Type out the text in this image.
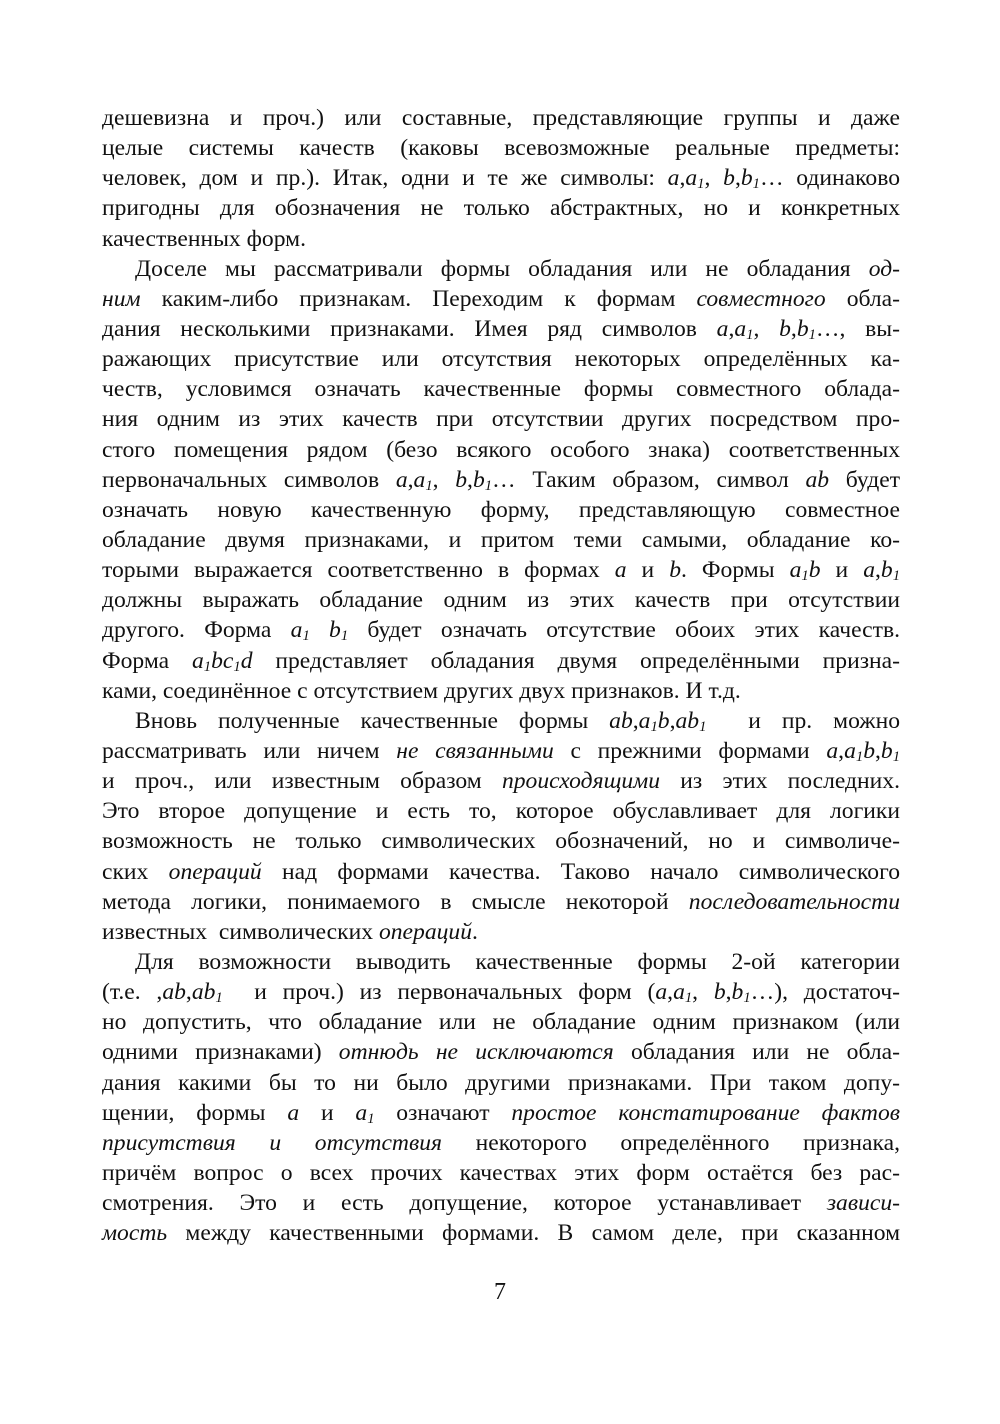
дешевизна и проч.) или составные, представляющие группы и даже
целые системы качеств (каковы всевозможные реальные предметы:
человек, дом и пр.). Итак, одни и те же символы: $a,a_1$, $b,b_1\dots$ одинаково
пригодны для обозначения не только абстрактных, но и конкретных
качественных форм.
Доселе мы рассматривали формы обладания или не обладания од-
ним каким-либо признакам. Переходим к формам совместного обла-
дания несколькими признаками. Имея ряд символов $a,a_1$, $b,b_1\dots$, вы-
ражающих присутствие или отсутствия некоторых определённых ка-
честв, условимся означать качественные формы совместного облада-
ния одним из этих качеств при отсутствии других посредством про-
стого помещения рядом (безо всякого особого знака) соответственных
первоначальных символов $a,a_1$, $b,b_1\dots$ Таким образом, символ ab будет
означать новую качественную форму, представляющую совместное
обладание двумя признаками, и притом теми самыми, обладание ко-
торыми выражается соответственно в формах a и b. Формы $a_1b$ и $a,b_1$
должны выражать обладание одним из этих качеств при отсутствии
другого. Форма $a_1$ $b_1$ будет означать отсутствие обоих этих качеств.
Форма $a_1bc_1d$ представляет обладания двумя определёнными призна-
ками, соединённое с отсутствием других двух признаков. И т.д.
Вновь полученные качественные формы $ab,a_1b,ab_1$  и пр. можно
рассматривать или ничем не связанными с прежними формами $a,a_1b,b_1$
и проч., или известным образом происходящими из этих последних.
Это второе допущение и есть то, которое обуславливает для логики
возможность не только символических обозначений, но и символиче-
ских операций над формами качества. Таково начало символического
метода логики, понимаемого в смысле некоторой последовательности
известных  символических операций.
Для возможности выводить качественные формы 2-ой категории
(т.е. $,ab,ab_1$  и проч.) из первоначальных форм ($a,a_1$, $b,b_1\dots$), достаточ-
но допустить, что обладание или не обладание одним признаком (или
одними признаками) отнюдь не исключаются обладания или не обла-
дания какими бы то ни было другими признаками. При таком допу-
щении, формы a и $a_1$ означают простое констатирование фактов
присутствия и отсутствия некоторого определённого признака,
причём вопрос о всех прочих качествах этих форм остаётся без рас-
смотрения. Это и есть допущение, которое устанавливает зависи-
мость между качественными формами. В самом деле, при сказанном
7
